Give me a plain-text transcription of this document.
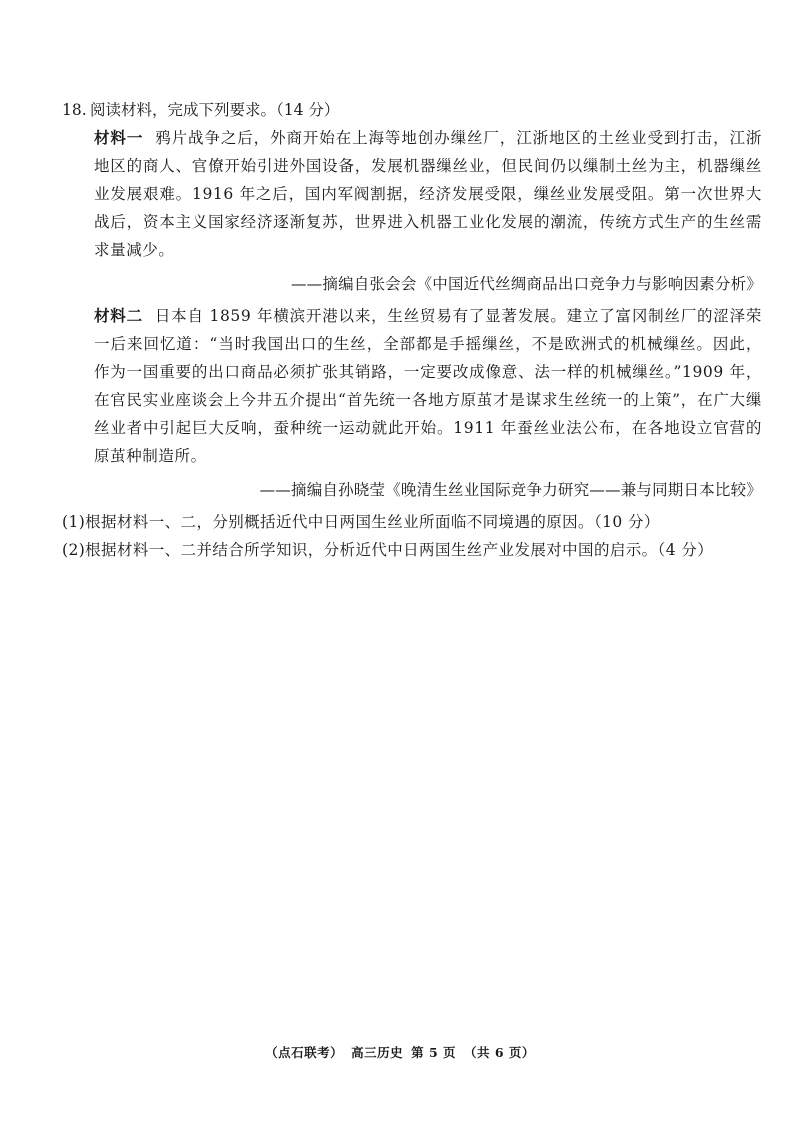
18. 阅读材料，完成下列要求。（14 分）
材料一 鸦片战争之后，外商开始在上海等地创办缫丝厂，江浙地区的土丝业受到打击，江浙地区的商人、官僚开始引进外国设备，发展机器缫丝业，但民间仍以缫制土丝为主，机器缫丝业发展艰难。1916 年之后，国内军阀割据，经济发展受限，缫丝业发展受阻。第一次世界大战后，资本主义国家经济逐渐复苏，世界进入机器工业化发展的潮流，传统方式生产的生丝需求量减少。
——摘编自张会会《中国近代丝绸商品出口竞争力与影响因素分析》
材料二 日本自 1859 年横滨开港以来，生丝贸易有了显著发展。建立了富冈制丝厂的涩泽荣一后来回忆道：“当时我国出口的生丝，全部都是手摇缫丝，不是欧洲式的机械缫丝。因此，作为一国重要的出口商品必须扩张其销路，一定要改成像意、法一样的机械缫丝。”1909 年，在官民实业座谈会上今井五介提出“首先统一各地方原茧才是谋求生丝统一的上策”，在广大缫丝业者中引起巨大反响，蚕种统一运动就此开始。1911 年蚕丝业法公布，在各地设立官营的原茧种制造所。
——摘编自孙晓莹《晚清生丝业国际竞争力研究——兼与同期日本比较》
(1)根据材料一、二，分别概括近代中日两国生丝业所面临不同境遇的原因。（10 分）
(2)根据材料一、二并结合所学知识，分析近代中日两国生丝产业发展对中国的启示。（4 分）
（点石联考） 高三历史 第 5 页 （共 6 页）
